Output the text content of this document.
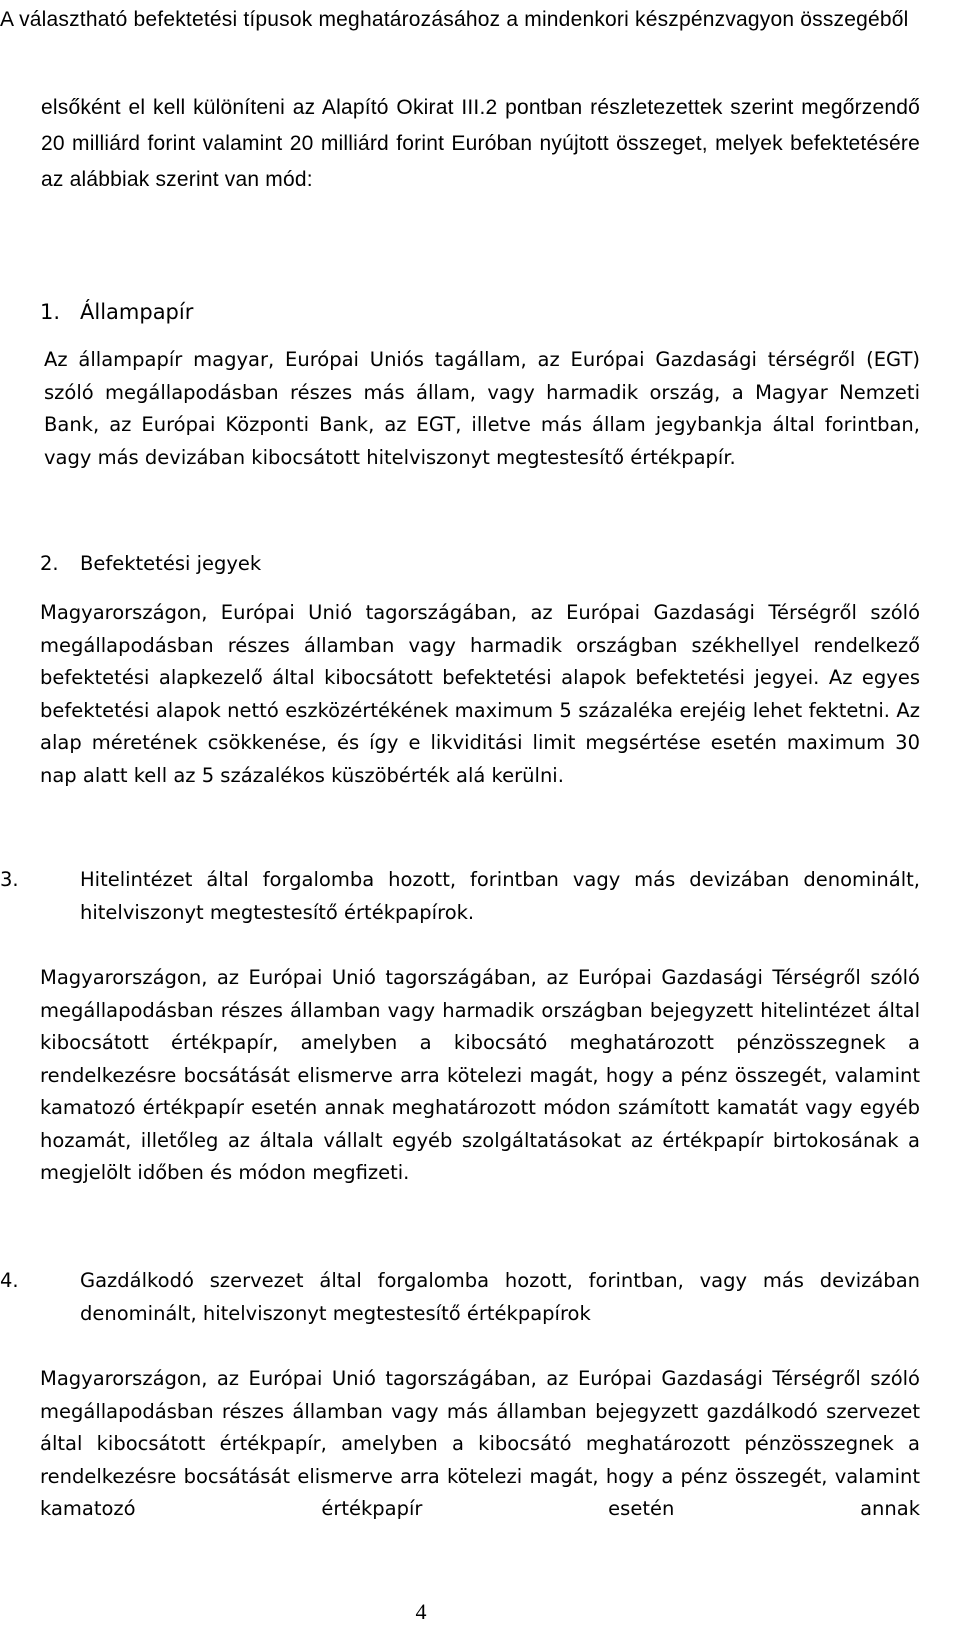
A választható befektetési típusok meghatározásához a mindenkori készpénzvagyon összegéből

elsőként el kell különíteni az Alapító Okirat III.2 pontban részletezettek szerint megőrzendő 20 milliárd forint valamint 20 milliárd forint Euróban nyújtott összeget, melyek befektetésére az alábbiak szerint van mód:
1. Állampapír

Az állampapír magyar, Európai Uniós tagállam, az Európai Gazdasági térségről (EGT) szóló megállapodásban részes más állam, vagy harmadik ország, a Magyar Nemzeti Bank, az Európai Központi Bank, az EGT, illetve más állam jegybankja által forintban, vagy más devizában kibocsátott hitelviszonyt megtestesítő értékpapír.

2. Befektetési jegyek

Magyarországon, Európai Unió tagországában, az Európai Gazdasági Térségről szóló megállapodásban részes államban vagy harmadik országban székhellyel rendelkező befektetési alapkezelő által kibocsátott befektetési alapok befektetési jegyei. Az egyes befektetési alapok nettó eszközértékének maximum 5 százaléka erejéig lehet fektetni. Az alap méretének csökkenése, és így e likviditási limit megsértése esetén maximum 30 nap alatt kell az 5 százalékos küszöbérték alá kerülni.

3.	Hitelintézet által forgalomba hozott, forintban vagy más devizában denominált, hitelviszonyt megtestesítő értékpapírok.

Magyarországon, az Európai Unió tagországában, az Európai Gazdasági Térségről szóló megállapodásban részes államban vagy harmadik országban bejegyzett hitelintézet által kibocsátott értékpapír, amelyben a kibocsátó meghatározott pénzösszegnek a rendelkezésre bocsátását elismerve arra kötelezi magát, hogy a pénz összegét, valamint kamatozó értékpapír esetén annak meghatározott módon számított kamatát vagy egyéb hozamát, illetőleg az általa vállalt egyéb szolgáltatásokat az értékpapír birtokosának a megjelölt időben és módon megfizeti.

4.	Gazdálkodó szervezet által forgalomba hozott, forintban, vagy más devizában denominált, hitelviszonyt megtestesítő értékpapírok

Magyarországon, az Európai Unió tagországában, az Európai Gazdasági Térségről szóló megállapodásban részes államban vagy más államban bejegyzett gazdálkodó szervezet által kibocsátott értékpapír, amelyben a kibocsátó meghatározott pénzösszegnek a rendelkezésre bocsátását elismerve arra kötelezi magát, hogy a pénz összegét, valamint kamatozó értékpapír esetén annak

4
